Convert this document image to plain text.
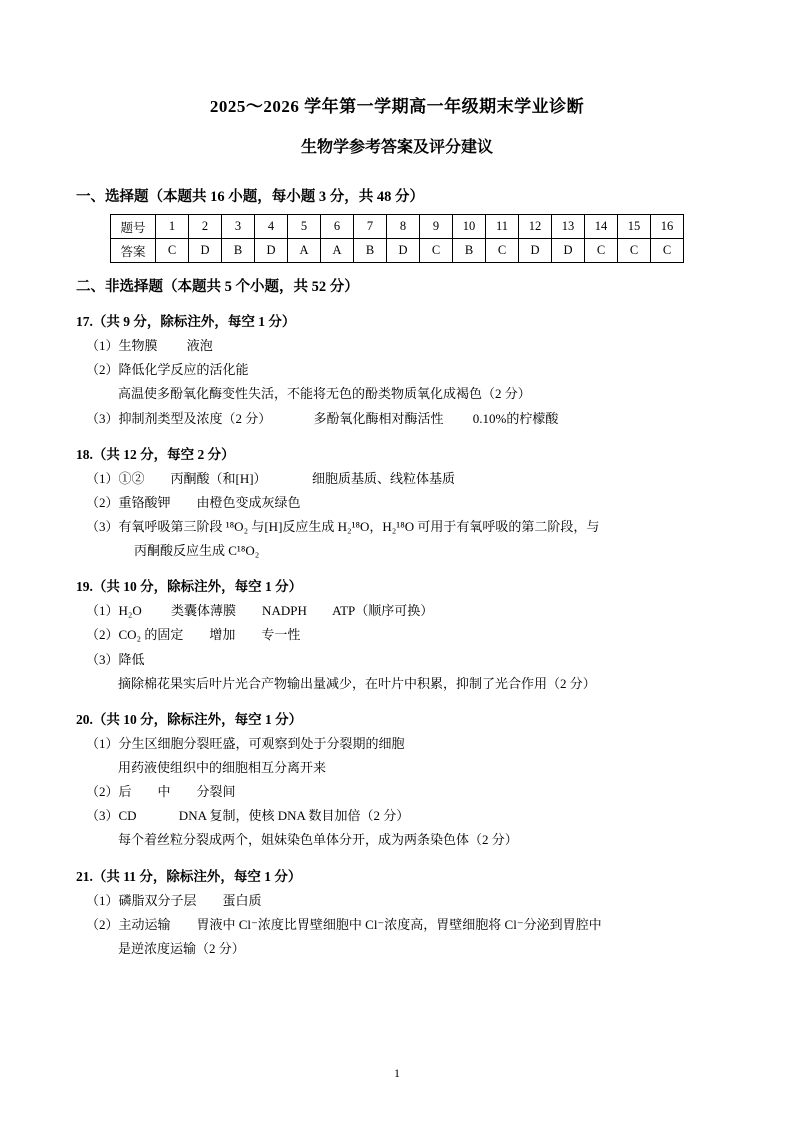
2025～2026 学年第一学期高一年级期末学业诊断
生物学参考答案及评分建议
一、选择题（本题共 16 小题，每小题 3 分，共 48 分）
题号	1	2	3	4	5	6	7	8	9	10	11	12	13	14	15	16
答案	C	D	B	D	A	A	B	D	C	B	C	D	D	C	C	C
二、非选择题（本题共 5 个小题，共 52 分）
17.（共 9 分，除标注外，每空 1 分）
（1）生物膜         液泡
（2）降低化学反应的活化能
高温使多酚氧化酶变性失活，不能将无色的酚类物质氧化成褐色（2 分）
（3）抑制剂类型及浓度（2 分）             多酚氧化酶相对酶活性         0.10%的柠檬酸
18.（共 12 分，每空 2 分）
（1）①②        丙酮酸（和[H]）              细胞质基质、线粒体基质
（2）重铬酸钾        由橙色变成灰绿色
（3）有氧呼吸第三阶段 ¹⁸O₂ 与[H]反应生成 H₂¹⁸O，H₂¹⁸O 可用于有氧呼吸的第二阶段，与
丙酮酸反应生成 C¹⁸O₂
19.（共 10 分，除标注外，每空 1 分）
（1）H₂O         类囊体薄膜        NADPH        ATP（顺序可换）
（2）CO₂ 的固定        增加        专一性
（3）降低
摘除棉花果实后叶片光合产物输出量减少，在叶片中积累，抑制了光合作用（2 分）
20.（共 10 分，除标注外，每空 1 分）
（1）分生区细胞分裂旺盛，可观察到处于分裂期的细胞
用药液使组织中的细胞相互分离开来
（2）后        中        分裂间
（3）CD             DNA 复制，使核 DNA 数目加倍（2 分）
每个着丝粒分裂成两个，姐妹染色单体分开，成为两条染色体（2 分）
21.（共 11 分，除标注外，每空 1 分）
（1）磷脂双分子层        蛋白质
（2）主动运输        胃液中 Cl⁻浓度比胃壁细胞中 Cl⁻浓度高，胃壁细胞将 Cl⁻分泌到胃腔中
是逆浓度运输（2 分）
1
